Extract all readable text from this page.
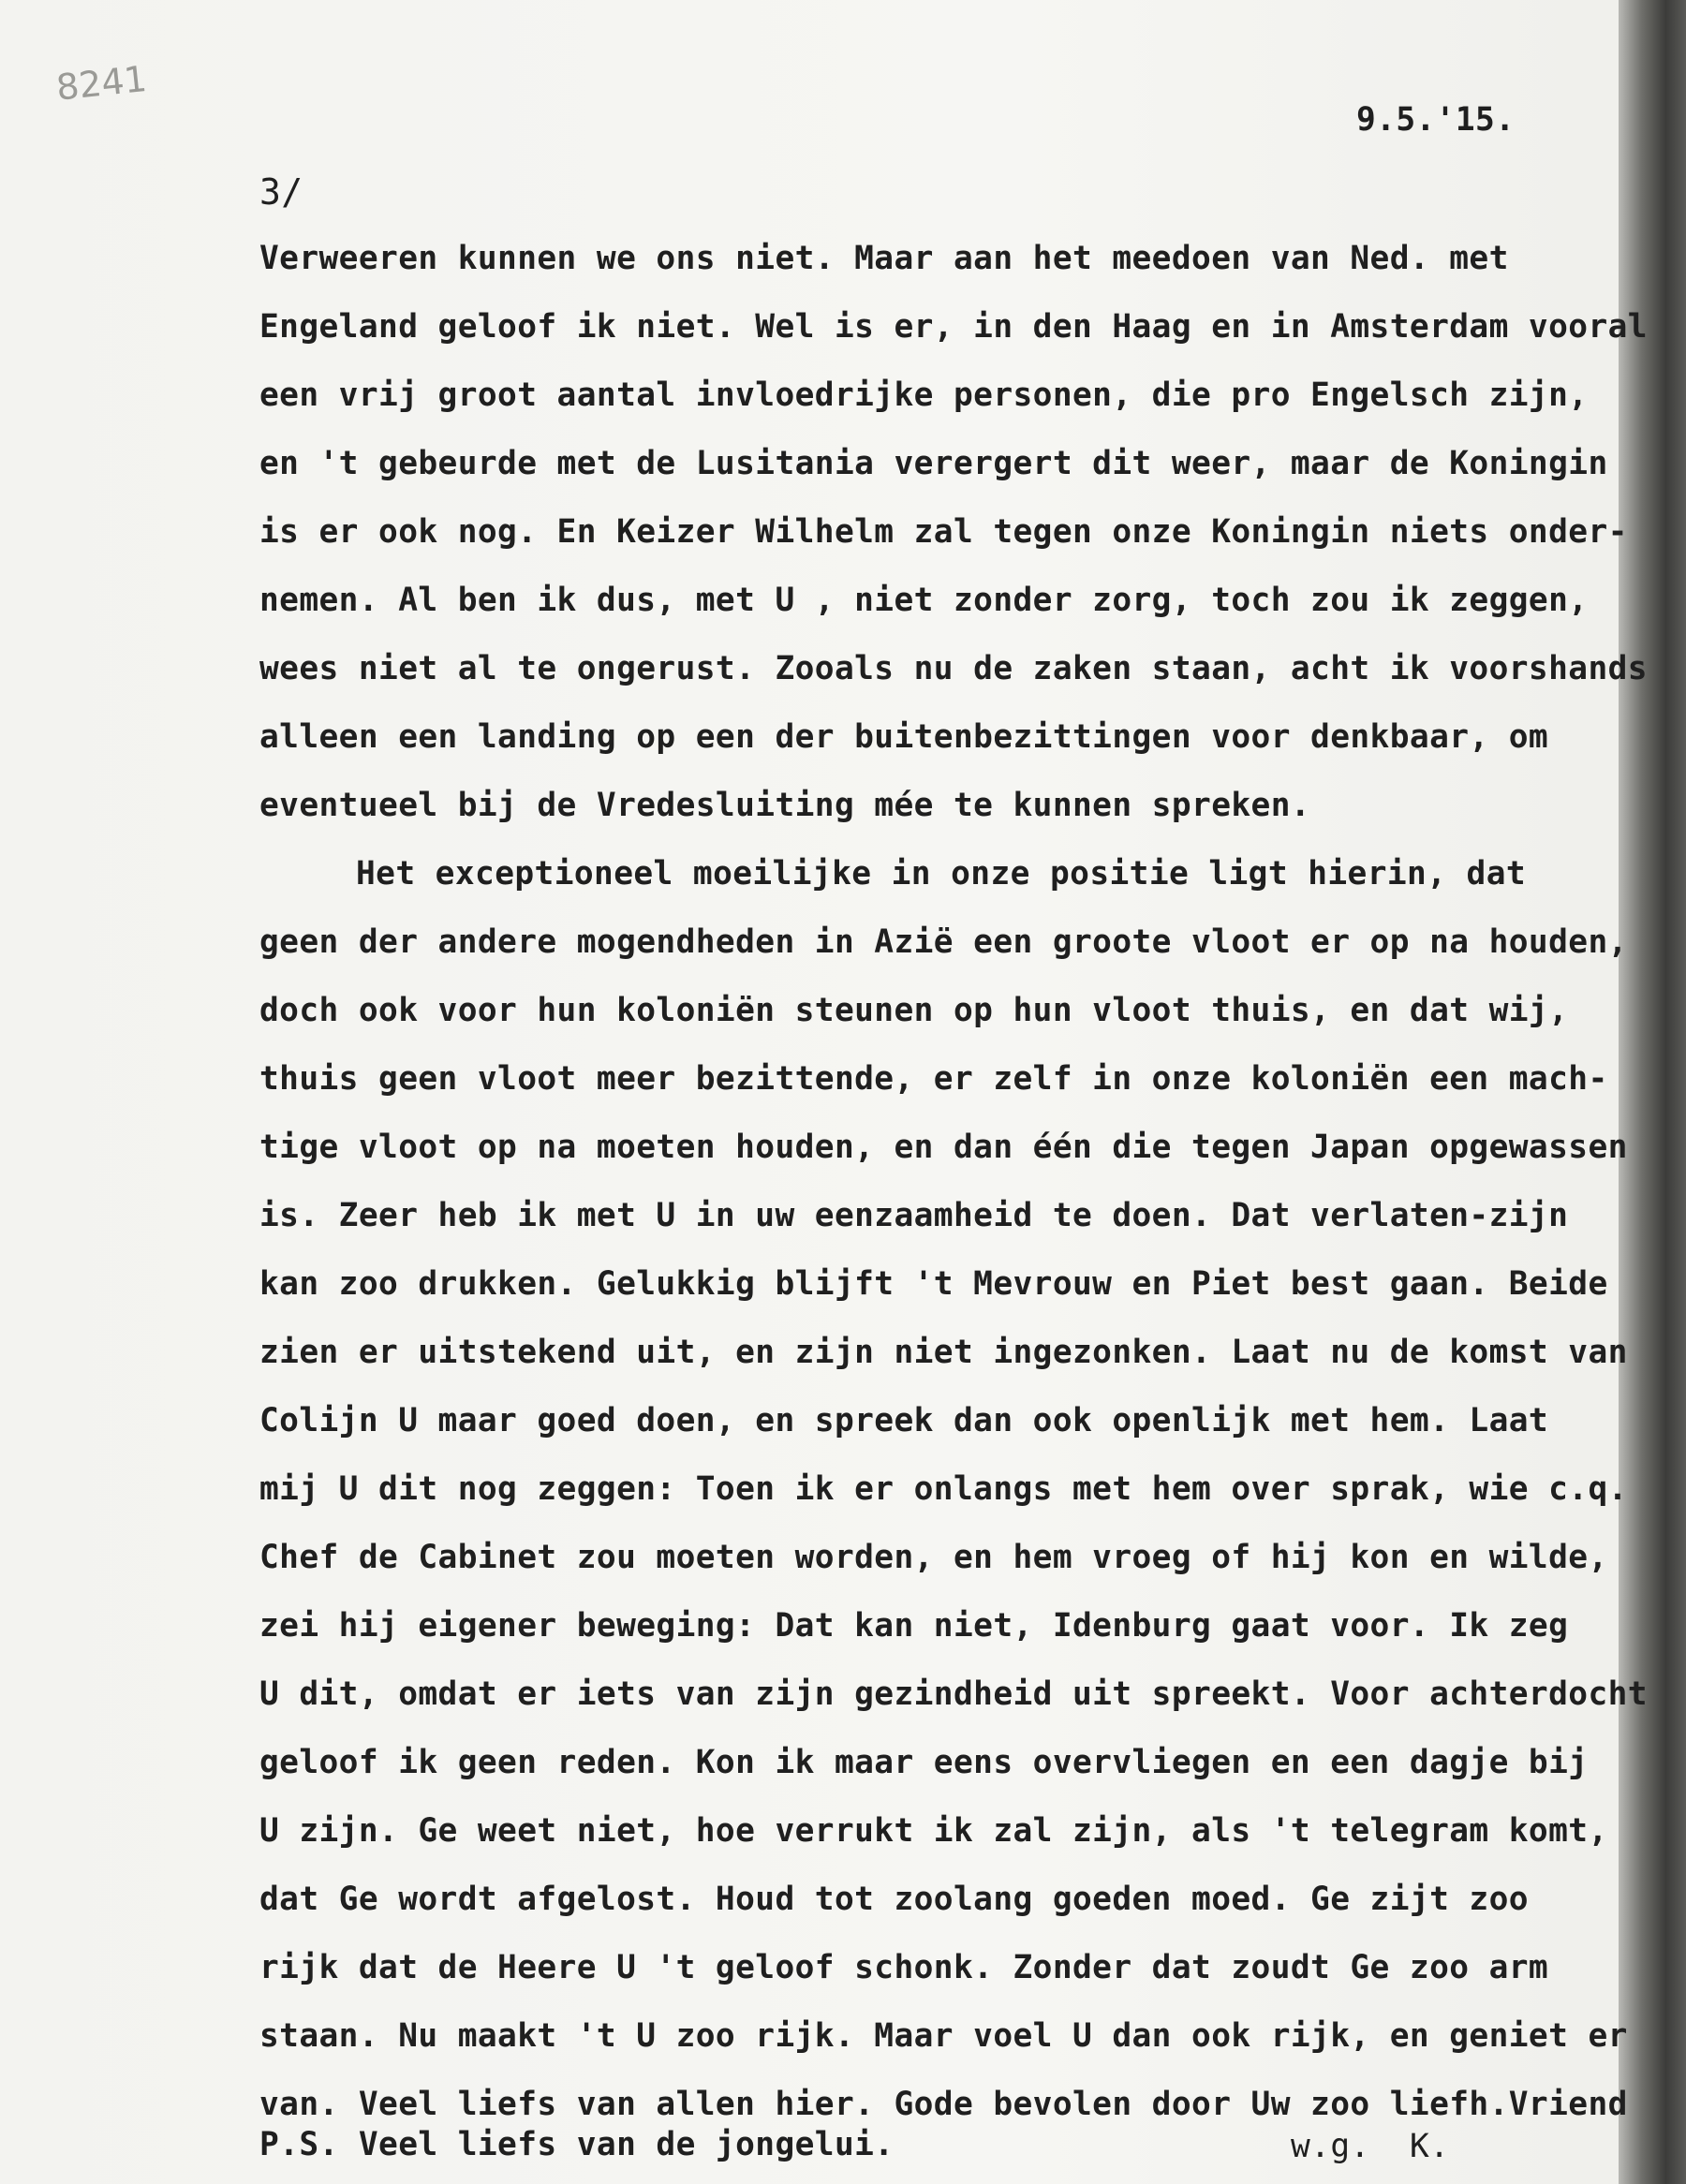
8241

9.5.'15.

3/

Verweeren kunnen we ons niet. Maar aan het meedoen van Ned. met

Engeland geloof ik niet. Wel is er, in den Haag en in Amsterdam vooral

een vrij groot aantal invloedrijke personen, die pro Engelsch zijn,

en 't gebeurde met de Lusitania verergert dit weer, maar de Koningin

is er ook nog. En Keizer Wilhelm zal tegen onze Koningin niets onder-

nemen. Al ben ik dus, met U , niet zonder zorg, toch zou ik zeggen,

wees niet al te ongerust. Zooals nu de zaken staan, acht ik voorshands

alleen een landing op een der buitenbezittingen voor denkbaar, om

eventueel bij de Vredesluiting mée te kunnen spreken.

Het exceptioneel moeilijke in onze positie ligt hierin, dat

geen der andere mogendheden in Azië een groote vloot er op na houden,

doch ook voor hun koloniën steunen op hun vloot thuis, en dat wij,

thuis geen vloot meer bezittende, er zelf in onze koloniën een mach-

tige vloot op na moeten houden, en dan één die tegen Japan opgewassen

is. Zeer heb ik met U in uw eenzaamheid te doen. Dat verlaten-zijn

kan zoo drukken. Gelukkig blijft 't Mevrouw en Piet best gaan. Beide

zien er uitstekend uit, en zijn niet ingezonken. Laat nu de komst van

Colijn U maar goed doen, en spreek dan ook openlijk met hem. Laat

mij U dit nog zeggen: Toen ik er onlangs met hem over sprak, wie c.q.

Chef de Cabinet zou moeten worden, en hem vroeg of hij kon en wilde,

zei hij eigener beweging: Dat kan niet, Idenburg gaat voor. Ik zeg

U dit, omdat er iets van zijn gezindheid uit spreekt. Voor achterdocht

geloof ik geen reden. Kon ik maar eens overvliegen en een dagje bij

U zijn. Ge weet niet, hoe verrukt ik zal zijn, als 't telegram komt,

dat Ge wordt afgelost. Houd tot zoolang goeden moed. Ge zijt zoo

rijk dat de Heere U 't geloof schonk. Zonder dat zoudt Ge zoo arm

staan. Nu maakt 't U zoo rijk. Maar voel U dan ook rijk, en geniet er

van. Veel liefs van allen hier. Gode bevolen door Uw zoo liefh.Vriend

P.S. Veel liefs van de jongelui.	w.g.  K.
